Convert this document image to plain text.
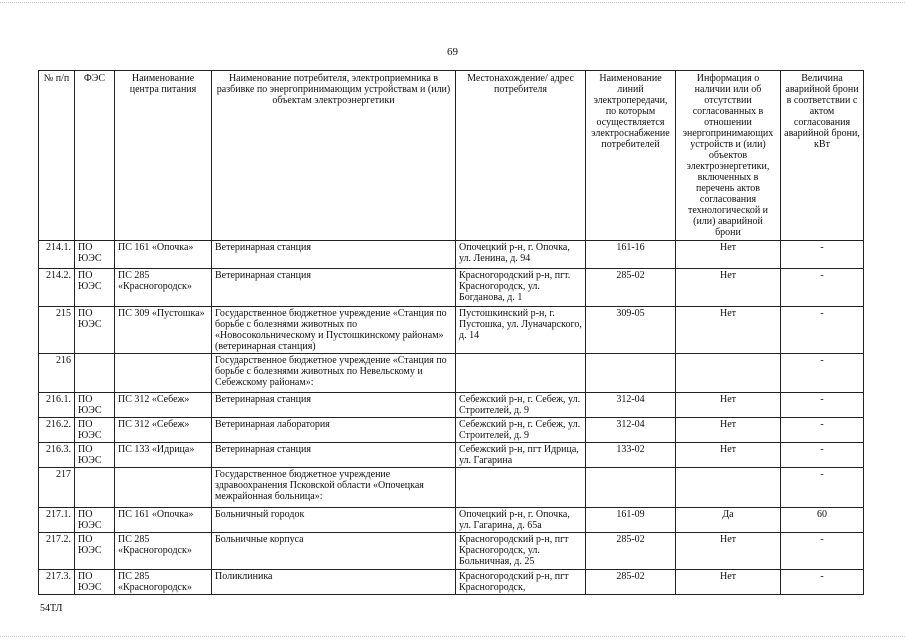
69
№ п/п	ФЭС	Наименование центра питания	Наименование потребителя, электроприемника в разбивке по энергопринимающим устройствам и (или) объектам электроэнергетики	Местонахождение/ адрес потребителя	Наименование линий электропередачи, по которым осуществляется электроснабжение потребителей	Информация о наличии или об отсутствии согласованных в отношении энергопринимающих устройств и (или) объектов электроэнергетики, включенных в перечень актов согласования технологической и (или) аварийной брони	Величина аварийной брони в соответствии с актом согласования аварийной брони, кВт
214.1.	ПО ЮЭС	ПС 161 «Опочка»	Ветеринарная станция	Опочецкий р-н, г. Опочка, ул. Ленина, д. 94	161-16	Нет	-
214.2.	ПО ЮЭС	ПС 285 «Красногородск»	Ветеринарная станция	Красногородский р-н, пгт. Красногородск, ул. Богданова, д. 1	285-02	Нет	-
215	ПО ЮЭС	ПС 309 «Пустошка»	Государственное бюджетное учреждение «Станция по борьбе с болезнями животных по «Новосокольническому и Пустошкинскому районам» (ветеринарная станция)	Пустошкинский р-н, г. Пустошка, ул. Луначарского, д. 14	309-05	Нет	-
216			Государственное бюджетное учреждение «Станция по борьбе с болезнями животных по Невельскому и Себежскому районам»:				-
216.1.	ПО ЮЭС	ПС 312 «Себеж»	Ветеринарная станция	Себежский р-н, г. Себеж, ул. Строителей, д. 9	312-04	Нет	-
216.2.	ПО ЮЭС	ПС 312 «Себеж»	Ветеринарная лаборатория	Себежский р-н, г. Себеж, ул. Строителей, д. 9	312-04	Нет	-
216.3.	ПО ЮЭС	ПС 133 «Идрица»	Ветеринарная станция	Себежский р-н, пгт Идрица, ул. Гагарина	133-02	Нет	-
217			Государственное бюджетное учреждение здравоохранения Псковской области «Опочецкая межрайонная больница»:				-
217.1.	ПО ЮЭС	ПС 161 «Опочка»	Больничный городок	Опочецкий р-н, г. Опочка, ул. Гагарина, д. 65а	161-09	Да	60
217.2.	ПО ЮЭС	ПС 285 «Красногородск»	Больничные корпуса	Красногородский р-н, пгт Красногородск, ул. Больничная, д. 25	285-02	Нет	-
217.3.	ПО ЮЭС	ПС 285 «Красногородск»	Поликлиника	Красногородский р-н, пгт Красногородск,	285-02	Нет	-
54ТЛ
